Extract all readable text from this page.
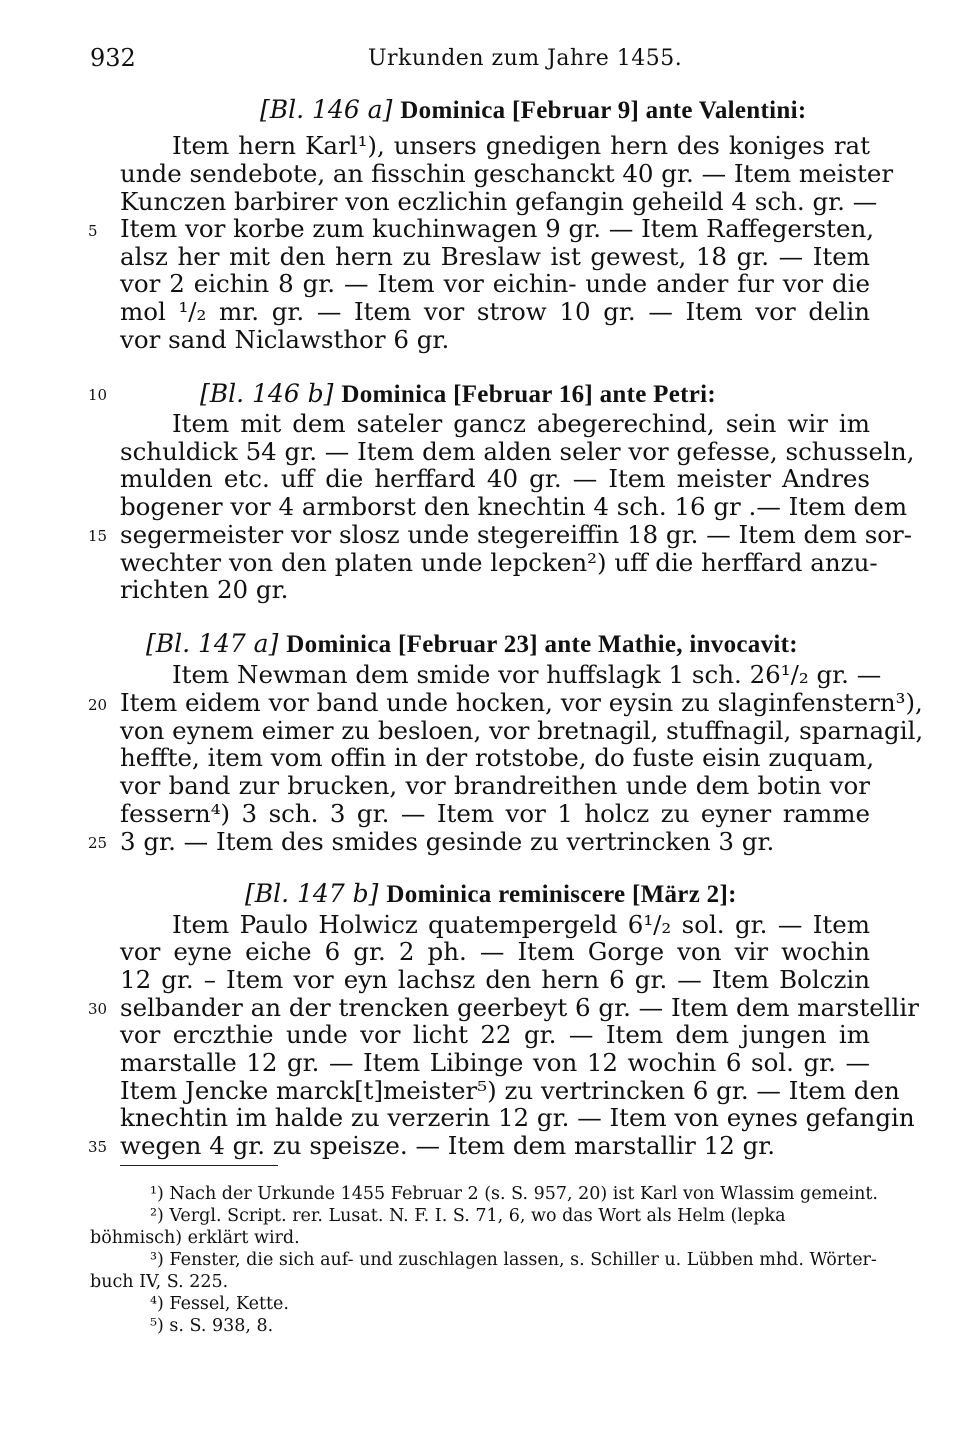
932	Urkunden zum Jahre 1455.
[Bl. 146 a] Dominica [Februar 9] ante Valentini:
Item hern Karl¹), unsers gnedigen hern des koniges rat
unde sendebote, an fisschin geschanckt 40 gr. — Item meister
Kunczen barbirer von eczlichin gefangin geheild 4 sch. gr. —
Item vor korbe zum kuchinwagen 9 gr. — Item Raffegersten,
alsz her mit den hern zu Breslaw ist gewest, 18 gr. — Item
vor 2 eichin 8 gr. — Item vor eichin- unde ander fur vor die
mol ¹/₂ mr. gr. — Item vor strow 10 gr. — Item vor delin
vor sand Niclawsthor 6 gr.
[Bl. 146 b] Dominica [Februar 16] ante Petri:
Item mit dem sateler gancz abegerechind, sein wir im
schuldick 54 gr. — Item dem alden seler vor gefesse, schusseln,
mulden etc. uff die herffard 40 gr. — Item meister Andres
bogener vor 4 armborst den knechtin 4 sch. 16 gr .— Item dem
segermeister vor slosz unde stegereiffin 18 gr. — Item dem sor-
wechter von den platen unde lepcken²) uff die herffard anzu-
richten 20 gr.
[Bl. 147 a] Dominica [Februar 23] ante Mathie, invocavit:
Item Newman dem smide vor huffslagk 1 sch. 26¹/₂ gr. —
Item eidem vor band unde hocken, vor eysin zu slaginfenstern³),
von eynem eimer zu besloen, vor bretnagil, stuffnagil, sparnagil,
heffte, item vom offin in der rotstobe, do fuste eisin zuquam,
vor band zur brucken, vor brandreithen unde dem botin vor
fessern⁴) 3 sch. 3 gr. — Item vor 1 holcz zu eyner ramme
3 gr. — Item des smides gesinde zu vertrincken 3 gr.
[Bl. 147 b] Dominica reminiscere [März 2]:
Item Paulo Holwicz quatempergeld 6¹/₂ sol. gr. — Item
vor eyne eiche 6 gr. 2 ph. — Item Gorge von vir wochin
12 gr. – Item vor eyn lachsz den hern 6 gr. — Item Bolczin
selbander an der trencken geerbeyt 6 gr. — Item dem marstellir
vor erczthie unde vor licht 22 gr. — Item dem jungen im
marstalle 12 gr. — Item Libinge von 12 wochin 6 sol. gr. —
Item Jencke marck[t]meister⁵) zu vertrincken 6 gr. — Item den
knechtin im halde zu verzerin 12 gr. — Item von eynes gefangin
wegen 4 gr. zu speisze. — Item dem marstallir 12 gr.
5
10
15
20
25
30
35
¹) Nach der Urkunde 1455 Februar 2 (s. S. 957, 20) ist Karl von Wlassim gemeint.
²) Vergl. Script. rer. Lusat. N. F. I. S. 71, 6, wo das Wort als Helm (lepka
böhmisch) erklärt wird.
³) Fenster, die sich auf- und zuschlagen lassen, s. Schiller u. Lübben mhd. Wörter-
buch IV, S. 225.
⁴) Fessel, Kette.
⁵) s. S. 938, 8.
